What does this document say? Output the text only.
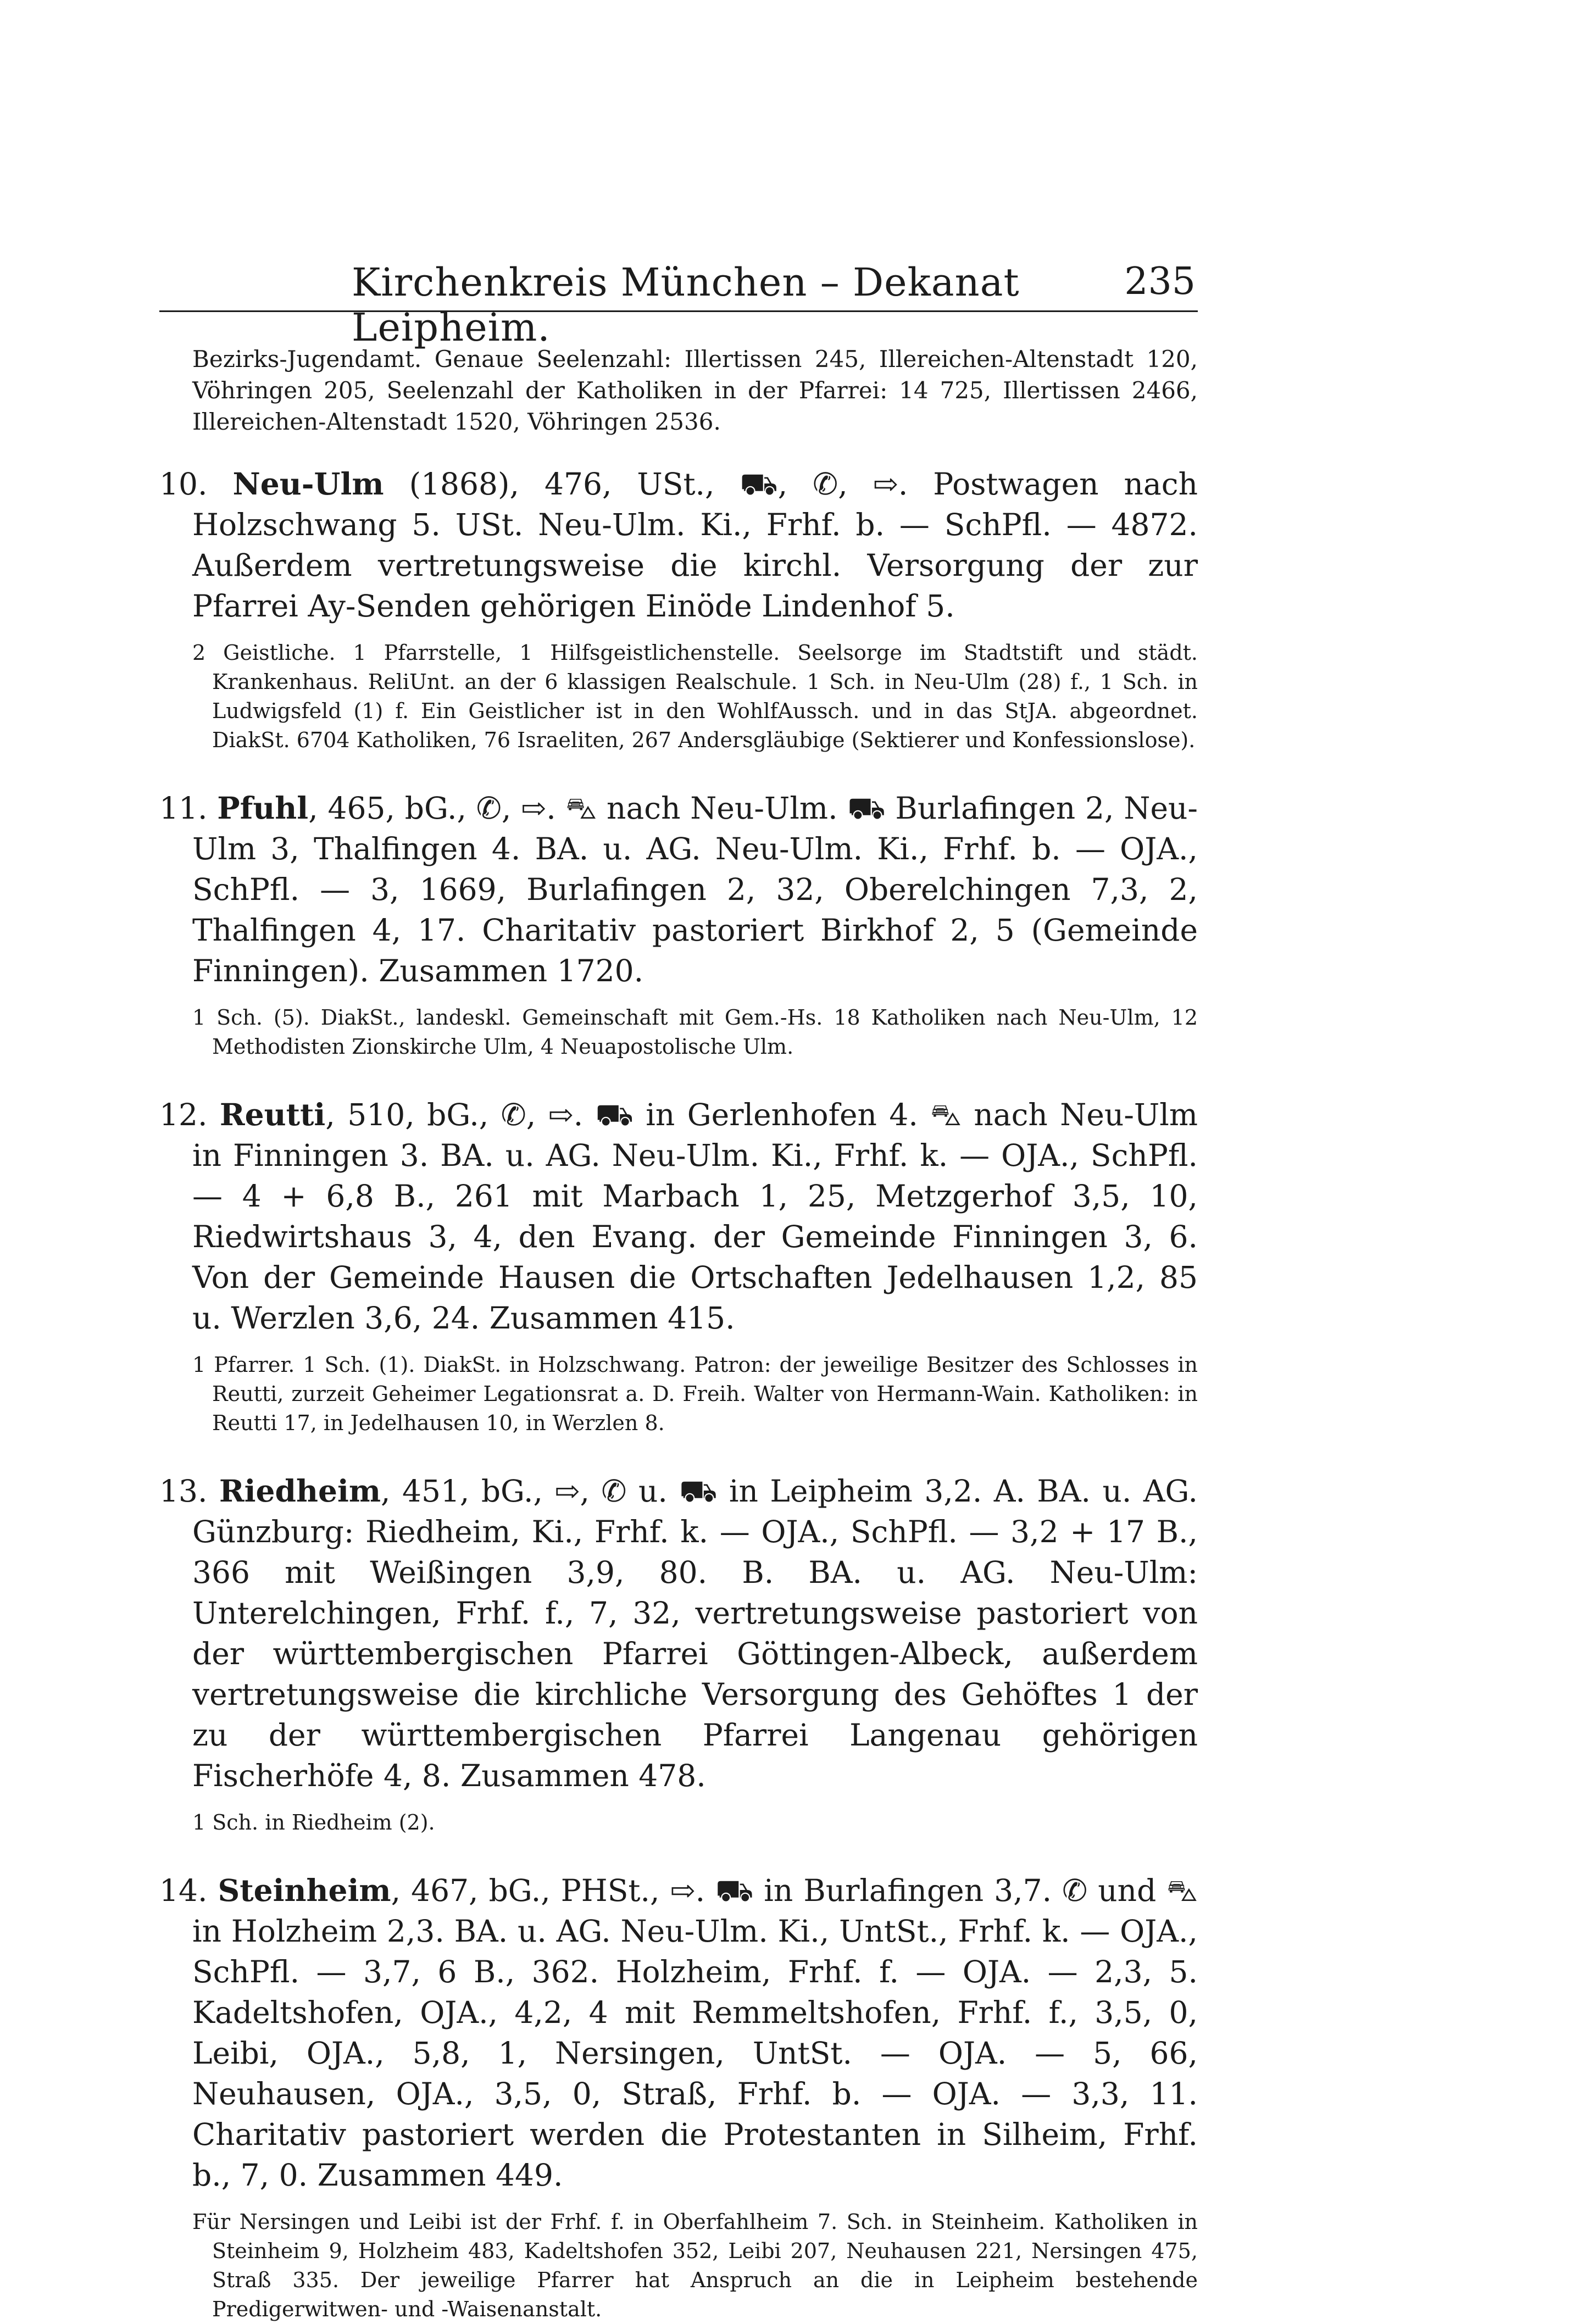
Kirchenkreis München – Dekanat Leipheim.
235

Bezirks-Jugendamt. Genaue Seelenzahl: Illertissen 245, Illereichen-Altenstadt 120, Vöhringen 205, Seelenzahl der Katholiken in der Pfarrei: 14 725, Illertissen 2466, Illereichen-Altenstadt 1520, Vöhringen 2536.

10. Neu-Ulm (1868), 476, USt., ⛟, ✆, ⇨. Postwagen nach Holzschwang 5. USt. Neu-Ulm. Ki., Frhf. b. — SchPfl. — 4872. Außerdem vertretungsweise die kirchl. Versorgung der zur Pfarrei Ay-Senden gehörigen Einöde Lindenhof 5.

2 Geistliche. 1 Pfarrstelle, 1 Hilfsgeistlichenstelle. Seelsorge im Stadtstift und städt. Krankenhaus. ReliUnt. an der 6 klassigen Realschule. 1 Sch. in Neu-Ulm (28) f., 1 Sch. in Ludwigsfeld (1) f. Ein Geistlicher ist in den WohlfAussch. und in das StJA. abgeordnet. DiakSt. 6704 Katholiken, 76 Israeliten, 267 Andersgläubige (Sektierer und Konfessionslose).

11. Pfuhl, 465, bG., ✆, ⇨. ⛍ nach Neu-Ulm. ⛟ Burlafingen 2, Neu-Ulm 3, Thalfingen 4. BA. u. AG. Neu-Ulm. Ki., Frhf. b. — OJA., SchPfl. — 3, 1669, Burlafingen 2, 32, Oberelchingen 7,3, 2, Thalfingen 4, 17. Charitativ pastoriert Birkhof 2, 5 (Gemeinde Finningen). Zusammen 1720.

1 Sch. (5). DiakSt., landeskl. Gemeinschaft mit Gem.-Hs. 18 Katholiken nach Neu-Ulm, 12 Methodisten Zionskirche Ulm, 4 Neuapostolische Ulm.

12. Reutti, 510, bG., ✆, ⇨. ⛟ in Gerlenhofen 4. ⛍ nach Neu-Ulm in Finningen 3. BA. u. AG. Neu-Ulm. Ki., Frhf. k. — OJA., SchPfl. — 4 + 6,8 B., 261 mit Marbach 1, 25, Metzgerhof 3,5, 10, Riedwirtshaus 3, 4, den Evang. der Gemeinde Finningen 3, 6. Von der Gemeinde Hausen die Ortschaften Jedelhausen 1,2, 85 u. Werzlen 3,6, 24. Zusammen 415.

1 Pfarrer. 1 Sch. (1). DiakSt. in Holzschwang. Patron: der jeweilige Besitzer des Schlosses in Reutti, zurzeit Geheimer Legationsrat a. D. Freih. Walter von Hermann-Wain. Katholiken: in Reutti 17, in Jedelhausen 10, in Werzlen 8.

13. Riedheim, 451, bG., ⇨, ✆ u. ⛟ in Leipheim 3,2. A. BA. u. AG. Günzburg: Riedheim, Ki., Frhf. k. — OJA., SchPfl. — 3,2 + 17 B., 366 mit Weißingen 3,9, 80. B. BA. u. AG. Neu-Ulm: Unterelchingen, Frhf. f., 7, 32, vertretungsweise pastoriert von der württembergischen Pfarrei Göttingen-Albeck, außerdem vertretungsweise die kirchliche Versorgung des Gehöftes 1 der zu der württembergischen Pfarrei Langenau gehörigen Fischerhöfe 4, 8. Zusammen 478.

1 Sch. in Riedheim (2).

14. Steinheim, 467, bG., PHSt., ⇨. ⛟ in Burlafingen 3,7. ✆ und ⛍ in Holzheim 2,3. BA. u. AG. Neu-Ulm. Ki., UntSt., Frhf. k. — OJA., SchPfl. — 3,7, 6 B., 362. Holzheim, Frhf. f. — OJA. — 2,3, 5. Kadeltshofen, OJA., 4,2, 4 mit Remmeltshofen, Frhf. f., 3,5, 0, Leibi, OJA., 5,8, 1, Nersingen, UntSt. — OJA. — 5, 66, Neuhausen, OJA., 3,5, 0, Straß, Frhf. b. — OJA. — 3,3, 11. Charitativ pastoriert werden die Protestanten in Silheim, Frhf. b., 7, 0. Zusammen 449.

Für Nersingen und Leibi ist der Frhf. f. in Oberfahlheim 7. Sch. in Steinheim. Katholiken in Steinheim 9, Holzheim 483, Kadeltshofen 352, Leibi 207, Neuhausen 221, Nersingen 475, Straß 335. Der jeweilige Pfarrer hat Anspruch an die in Leipheim bestehende Predigerwitwen- und -Waisenanstalt.
